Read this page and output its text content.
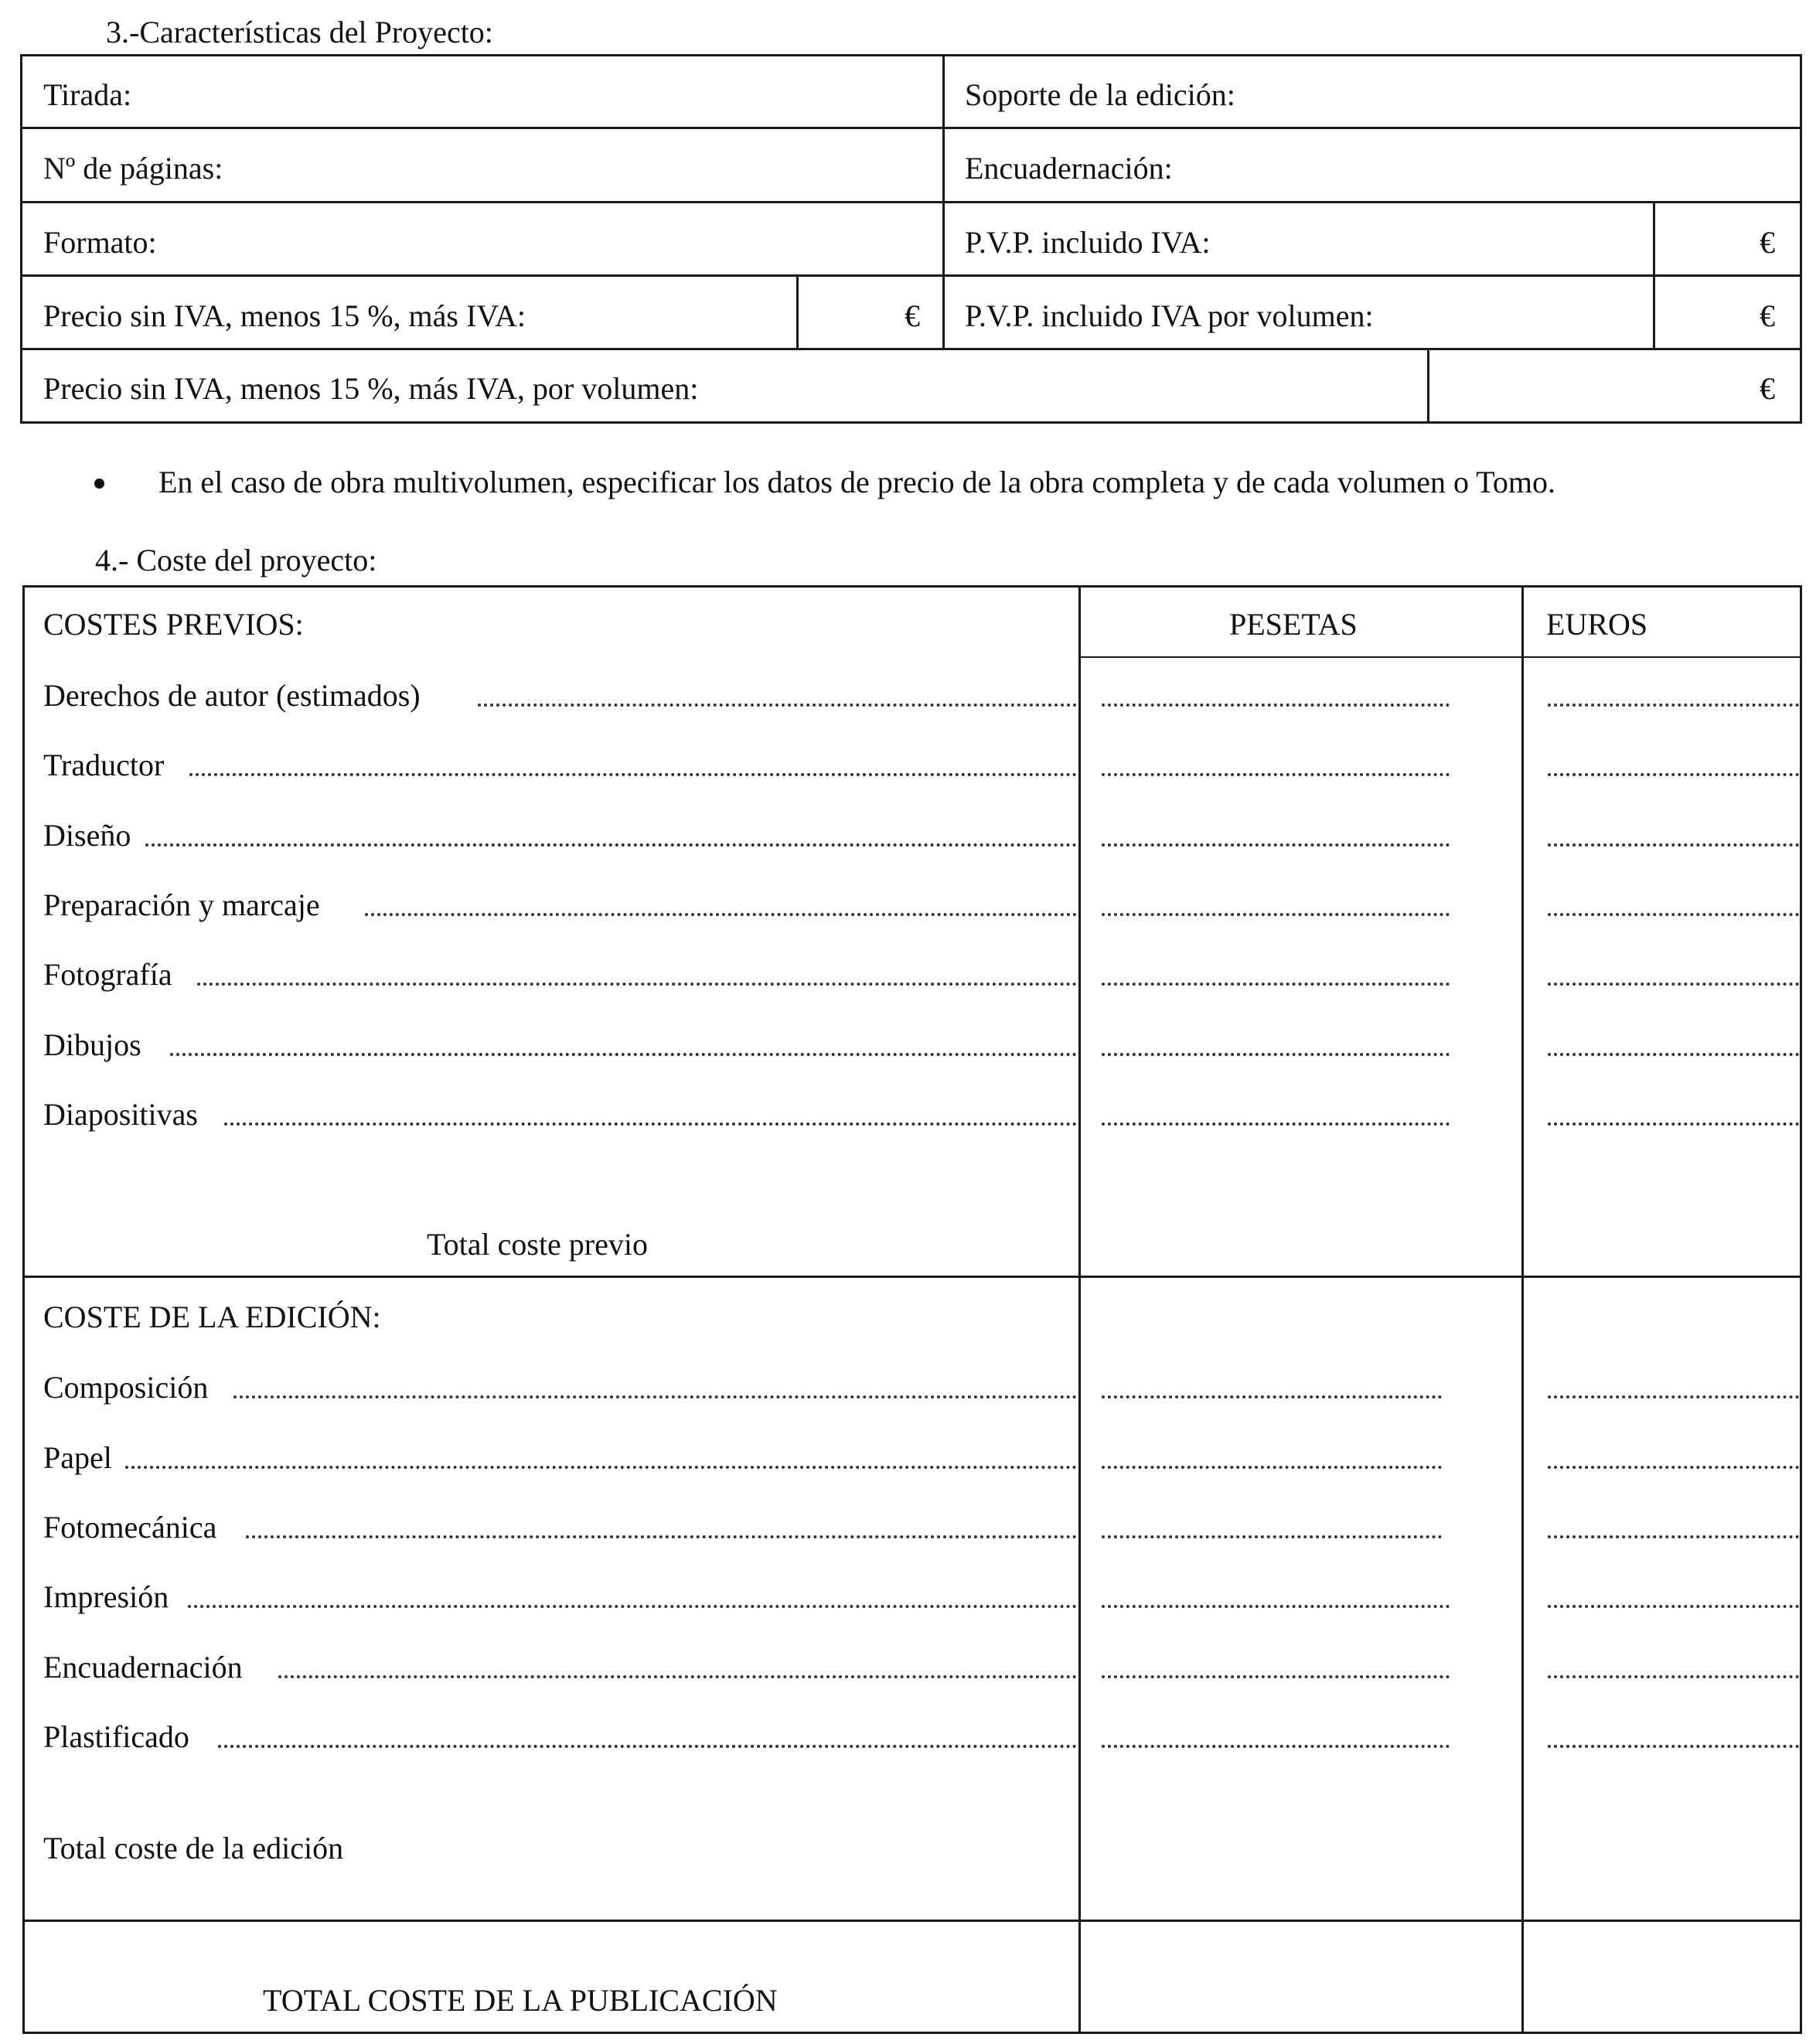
3.-Características del Proyecto:
Tirada:	Soporte de la edición:
Nº de páginas:	Encuadernación:
Formato:	P.V.P. incluido IVA:	€
Precio sin IVA, menos 15 %, más IVA:	€ P.V.P. incluido IVA por volumen:	€
Precio sin IVA, menos 15 %, más IVA, por volumen:	€
En el caso de obra multivolumen, especificar los datos de precio de la obra completa y de cada volumen o Tomo.
4.- Coste del proyecto:
COSTES PREVIOS:	PESETAS	EUROS
Derechos de autor (estimados)
Traductor
Diseño
Preparación y marcaje
Fotografía
Dibujos
Diapositivas
Total coste previo
COSTE DE LA EDICIÓN:
Composición
Papel
Fotomecánica
Impresión
Encuadernación
Plastificado
Total coste de la edición
TOTAL COSTE DE LA PUBLICACIÓN
